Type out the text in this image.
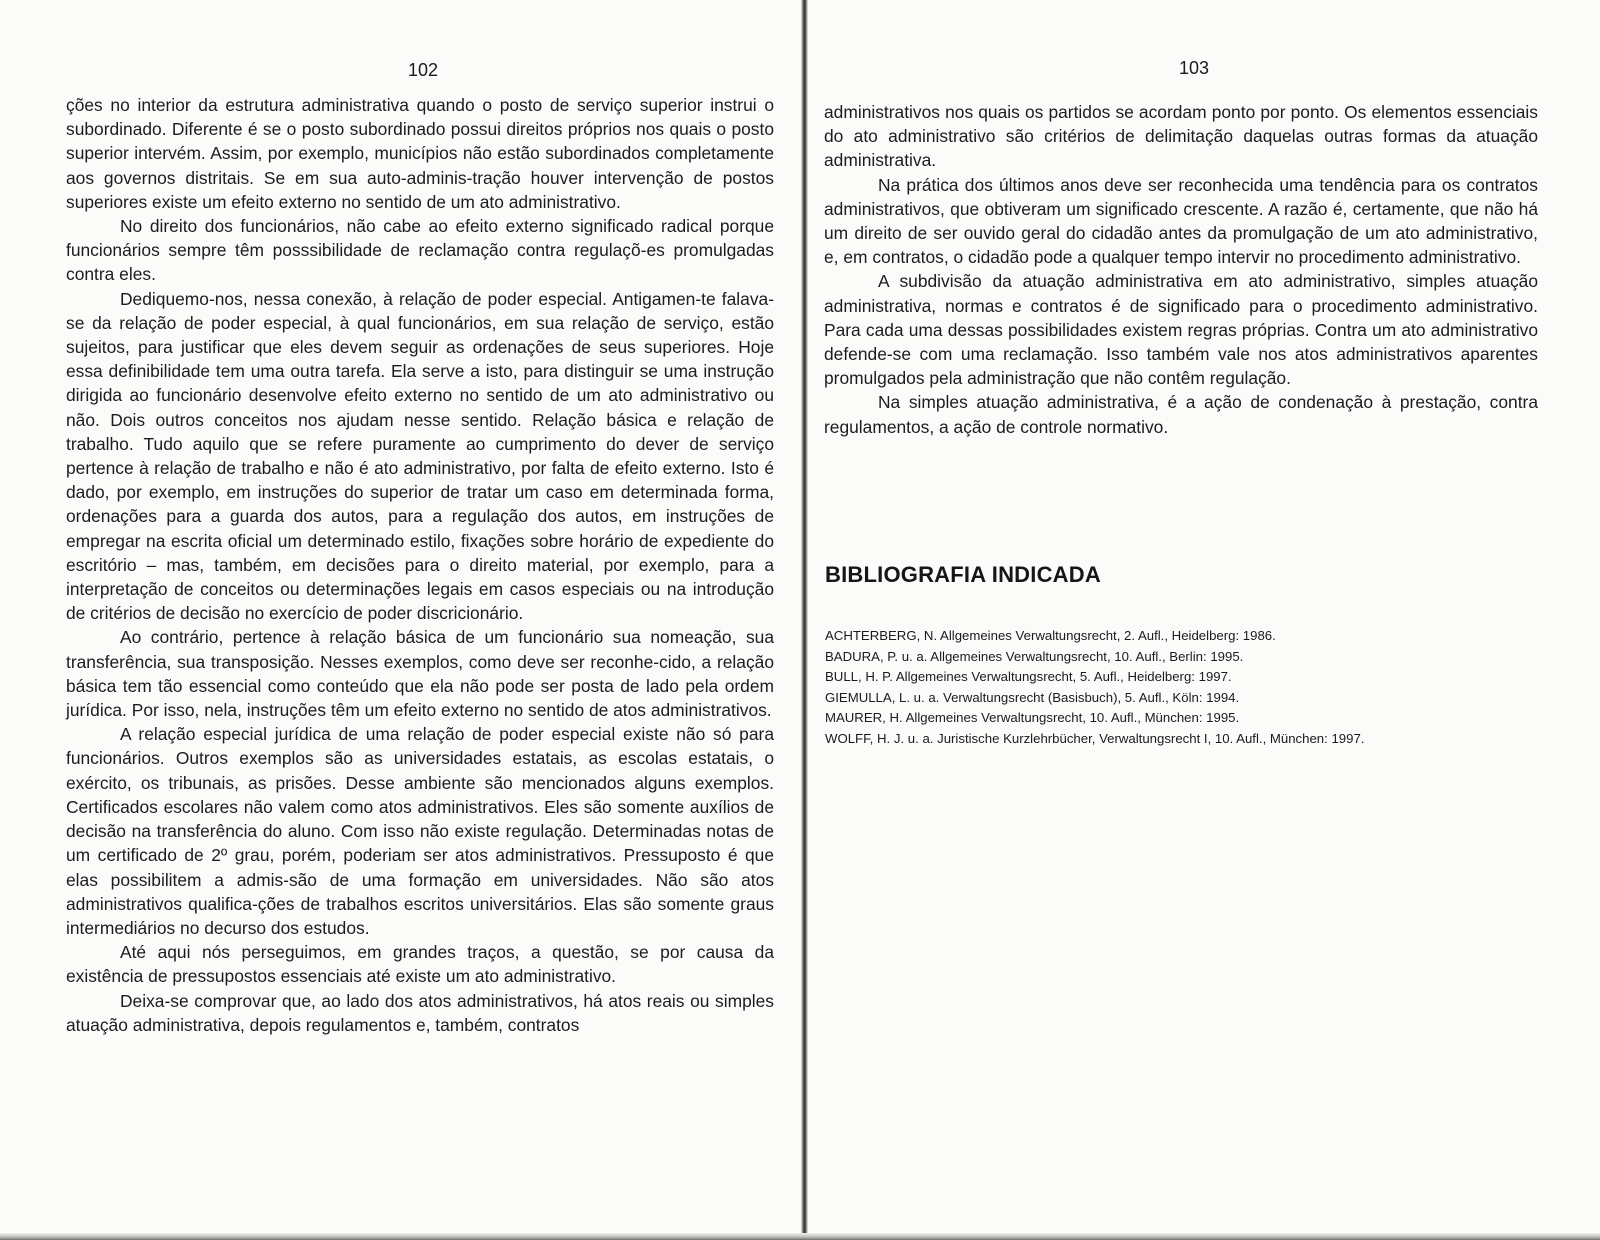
102

ções no interior da estrutura administrativa quando o posto de serviço superior instrui o subordinado. Diferente é se o posto subordinado possui direitos próprios nos quais o posto superior intervém. Assim, por exemplo, municípios não estão subordinados completamente aos governos distritais. Se em sua auto-adminis-tração houver intervenção de postos superiores existe um efeito externo no sentido de um ato administrativo.

No direito dos funcionários, não cabe ao efeito externo significado radical porque funcionários sempre têm posssibilidade de reclamação contra regulaçõ-es promulgadas contra eles.

Dediquemo-nos, nessa conexão, à relação de poder especial. Antigamen-te falava-se da relação de poder especial, à qual funcionários, em sua relação de serviço, estão sujeitos, para justificar que eles devem seguir as ordenações de seus superiores. Hoje essa definibilidade tem uma outra tarefa. Ela serve a isto, para distinguir se uma instrução dirigida ao funcionário desenvolve efeito externo no sentido de um ato administrativo ou não. Dois outros conceitos nos ajudam nesse sentido. Relação básica e relação de trabalho. Tudo aquilo que se refere puramente ao cumprimento do dever de serviço pertence à relação de trabalho e não é ato administrativo, por falta de efeito externo. Isto é dado, por exemplo, em instruções do superior de tratar um caso em determinada forma, ordenações para a guarda dos autos, para a regulação dos autos, em instruções de empregar na escrita oficial um determinado estilo, fixações sobre horário de expediente do escritório – mas, também, em decisões para o direito material, por exemplo, para a interpretação de conceitos ou determinações legais em casos especiais ou na introdução de critérios de decisão no exercício de poder discricionário.

Ao contrário, pertence à relação básica de um funcionário sua nomeação, sua transferência, sua transposição. Nesses exemplos, como deve ser reconhe-cido, a relação básica tem tão essencial como conteúdo que ela não pode ser posta de lado pela ordem jurídica. Por isso, nela, instruções têm um efeito externo no sentido de atos administrativos.

A relação especial jurídica de uma relação de poder especial existe não só para funcionários. Outros exemplos são as universidades estatais, as escolas estatais, o exército, os tribunais, as prisões. Desse ambiente são mencionados alguns exemplos. Certificados escolares não valem como atos administrativos. Eles são somente auxílios de decisão na transferência do aluno. Com isso não existe regulação. Determinadas notas de um certificado de 2º grau, porém, poderiam ser atos administrativos. Pressuposto é que elas possibilitem a admis-são de uma formação em universidades. Não são atos administrativos qualifica-ções de trabalhos escritos universitários. Elas são somente graus intermediários no decurso dos estudos.

Até aqui nós perseguimos, em grandes traços, a questão, se por causa da existência de pressupostos essenciais até existe um ato administrativo.

Deixa-se comprovar que, ao lado dos atos administrativos, há atos reais ou simples atuação administrativa, depois regulamentos e, também, contratos

103

administrativos nos quais os partidos se acordam ponto por ponto. Os elementos essenciais do ato administrativo são critérios de delimitação daquelas outras formas da atuação administrativa.

Na prática dos últimos anos deve ser reconhecida uma tendência para os contratos administrativos, que obtiveram um significado crescente. A razão é, certamente, que não há um direito de ser ouvido geral do cidadão antes da promulgação de um ato administrativo, e, em contratos, o cidadão pode a qualquer tempo intervir no procedimento administrativo.

A subdivisão da atuação administrativa em ato administrativo, simples atuação administrativa, normas e contratos é de significado para o procedimento administrativo. Para cada uma dessas possibilidades existem regras próprias. Contra um ato administrativo defende-se com uma reclamação. Isso também vale nos atos administrativos aparentes promulgados pela administração que não contêm regulação.

Na simples atuação administrativa, é a ação de condenação à prestação, contra regulamentos, a ação de controle normativo.

BIBLIOGRAFIA INDICADA
ACHTERBERG, N. Allgemeines Verwaltungsrecht, 2. Aufl., Heidelberg: 1986.
BADURA, P. u. a. Allgemeines Verwaltungsrecht, 10. Aufl., Berlin: 1995.
BULL, H. P. Allgemeines Verwaltungsrecht, 5. Aufl., Heidelberg: 1997.
GIEMULLA, L. u. a. Verwaltungsrecht (Basisbuch), 5. Aufl., Köln: 1994.
MAURER, H. Allgemeines Verwaltungsrecht, 10. Aufl., München: 1995.
WOLFF, H. J. u. a. Juristische Kurzlehrbücher, Verwaltungsrecht I, 10. Aufl., München: 1997.
